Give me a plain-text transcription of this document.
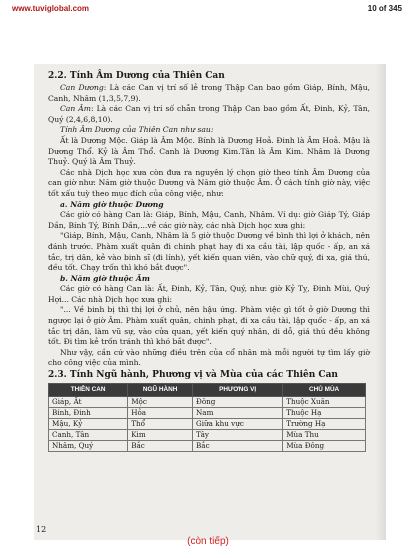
www.tuviglobal.com	10 of 345
2.2. Tính Âm Dương của Thiên Can

Can Dương: Là các Can vị trí số lẻ trong Thập Can bao gồm Giáp, Bính, Mậu, Canh, Nhâm (1,3,5,7,9).

Can Âm: Là các Can vị trí số chẵn trong Thập Can bao gồm Ất, Đinh, Kỷ, Tân, Quý (2,4,6,8,10).

Tính Âm Dương của Thiên Can như sau:

Ất là Dương Mộc. Giáp là Âm Mộc. Bính là Dương Hoả. Đinh là Âm Hoả. Mậu là Dương Thổ. Kỷ là Âm Thổ. Canh là Dương Kim.Tân là Âm Kim. Nhâm là Dương Thuỷ. Quý là Âm Thuỷ.

Các nhà Dịch học xưa còn đưa ra nguyên lý chọn giờ theo tính Âm Dương của can giờ như: Năm giờ thuộc Dương và Năm giờ thuộc Âm. Ở cách tính giờ này, việc tốt xấu tuỳ theo mục đích của công việc, như:

a. Năm giờ thuộc Dương

Các giờ có hàng Can là: Giáp, Bính, Mậu, Canh, Nhâm. Ví dụ: giờ Giáp Tý, Giáp Dần, Bính Tý, Bính Dần,...về các giờ này, các nhà Dịch học xưa ghi:

"Giáp, Bính, Mậu, Canh, Nhâm là 5 giờ thuộc Dương về bình thì lợi ở khách, nên đánh trước. Phàm xuất quân đi chinh phạt hay đi xa cầu tài, lập quốc - ấp, an xá tắc, trị dân, kẻ vào binh sĩ (đi lính), yết kiến quan viên, vào chữ quý, đi xa, giá thú, đều tốt. Chạy trốn thì khó bắt được".

b. Năm giờ thuộc Âm

Các giờ có hàng Can là: Ất, Đinh, Kỷ, Tân, Quý, như: giờ Kỷ Tỵ, Đinh Mùi, Quý Hợi... Các nhà Dịch học xưa ghi:

"... Về binh bị thì thị lợi ở chủ, nên hậu ứng. Phàm việc gì tốt ở giờ Dương thì ngược lại ở giờ Âm. Phàm xuất quân, chinh phạt, đi xa cầu tài, lập quốc - ấp, an xá tắc trị dân, làm vũ sự, vào cửa quan, yết kiến quý nhân, di dỗ, giá thú đều không tốt. Đi tìm kẻ trốn tránh thì khó bắt được".

Như vậy, cần cứ vào những điều trên của cổ nhân mà mỗi người tự tìm lấy giờ cho công việc của mình.

2.3. Tính Ngũ hành, Phương vị và Mùa của các Thiên Can
THIÊN CAN	NGŨ HÀNH	PHƯƠNG VỊ	CHỦ MÙA
Giáp, Ất	Mộc	Đông	Thuộc Xuân
Bính, Đinh	Hỏa	Nam	Thuộc Hạ
Mậu, Kỷ	Thổ	Giữa khu vực	Trường Hạ
Canh, Tân	Kim	Tây	Mùa Thu
Nhâm, Quý	Bắc	Bắc	Mùa Đông
12
(còn tiếp)
